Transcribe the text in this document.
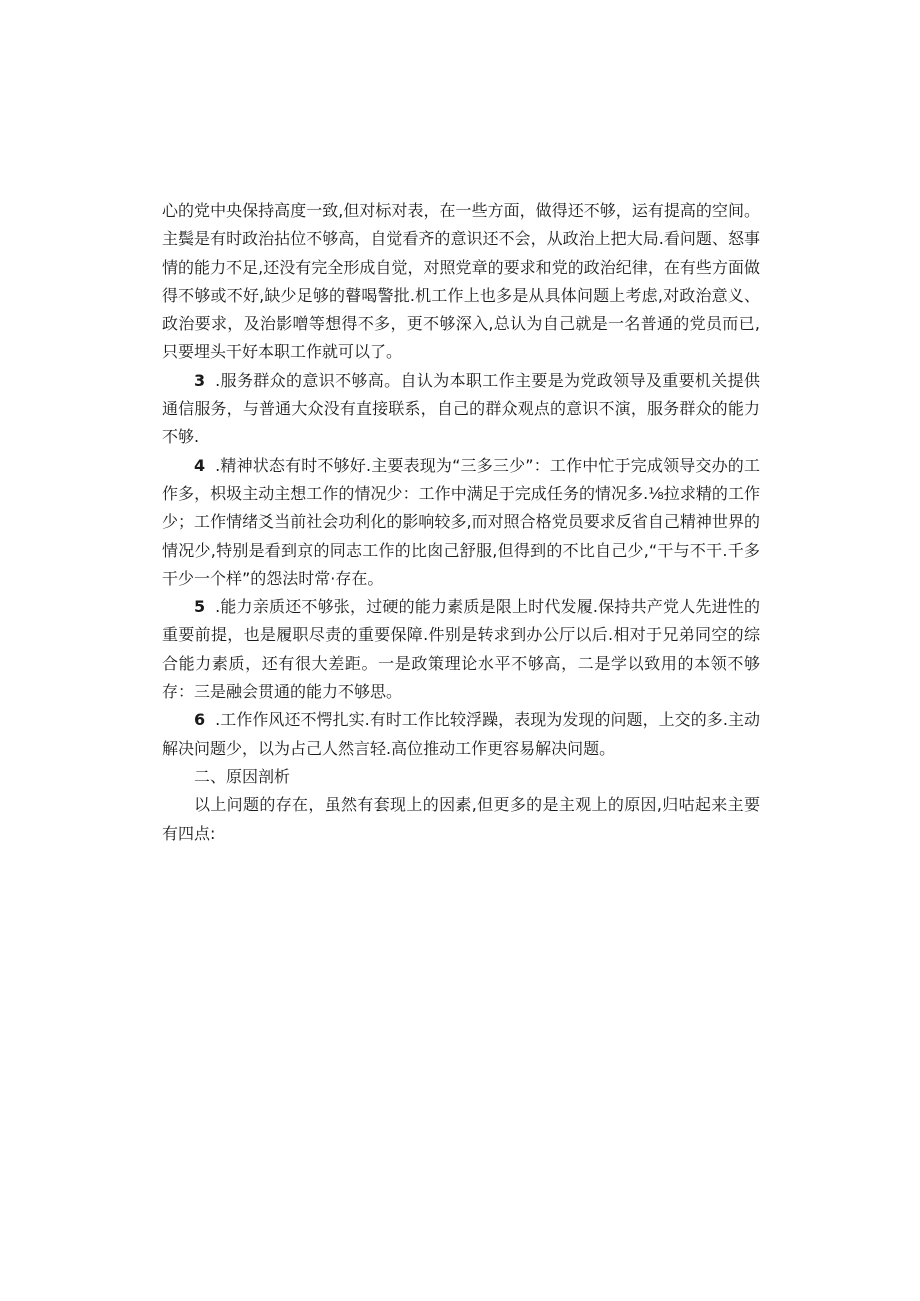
心的党中央保持高度一致,但对标对表，在一些方面，做得还不够，运有提高的空间。主鬓是有时政治拈位不够高，自觉看齐的意识还不会，从政治上把大局.看问题、怒事情的能力不足,还没有完全形成自觉，对照党章的要求和党的政治纪律，在有些方面做得不够或不好,缺少足够的瞽喝警批.机工作上也多是从具体问题上考虑,对政治意义、政治要求，及治影噌等想得不多，更不够深入,总认为自己就是一名普通的党员而已,只要埋头干好本职工作就可以了。

3 .服务群众的意识不够高。自认为本职工作主要是为党政领导及重要机关提供通信服务，与普通大众没有直接联系，自己的群众观点的意识不演，服务群众的能力不够.

4 .精神状态有时不够好.主要表现为“三多三少”：工作中忙于完成领导交办的工作多，枳圾主动主想工作的情况少：工作中满足于完成任务的情况多.⅛拉求精的工作少；工作情绪爻当前社会功利化的影响较多,而对照合格党员要求反省自己精神世界的情况少,特别是看到京的同志工作的比囱己舒服,但得到的不比自己少,“干与不干.千多干少一个样”的怨法时常·存在。

5 .能力亲质还不够张，过硬的能力素质是限上时代发履.保持共产党人先进性的重要前提，也是履职尽责的重要保障.件别是转求到办公厅以后.相对于兄弟同空的综合能力素质，还有很大差距。一是政策理论水平不够高，二是学以致用的本领不够存：三是融会贯通的能力不够思。

6 .工作作风还不愕扎实.有时工作比较浮躁，表现为发现的问题，上交的多.主动解决问题少，以为占己人然言轻.高位推动工作更容易解决问题。

二、原因剖析

以上问题的存在，虽然有套现上的因素,但更多的是主观上的原因,归咕起来主要有四点:
